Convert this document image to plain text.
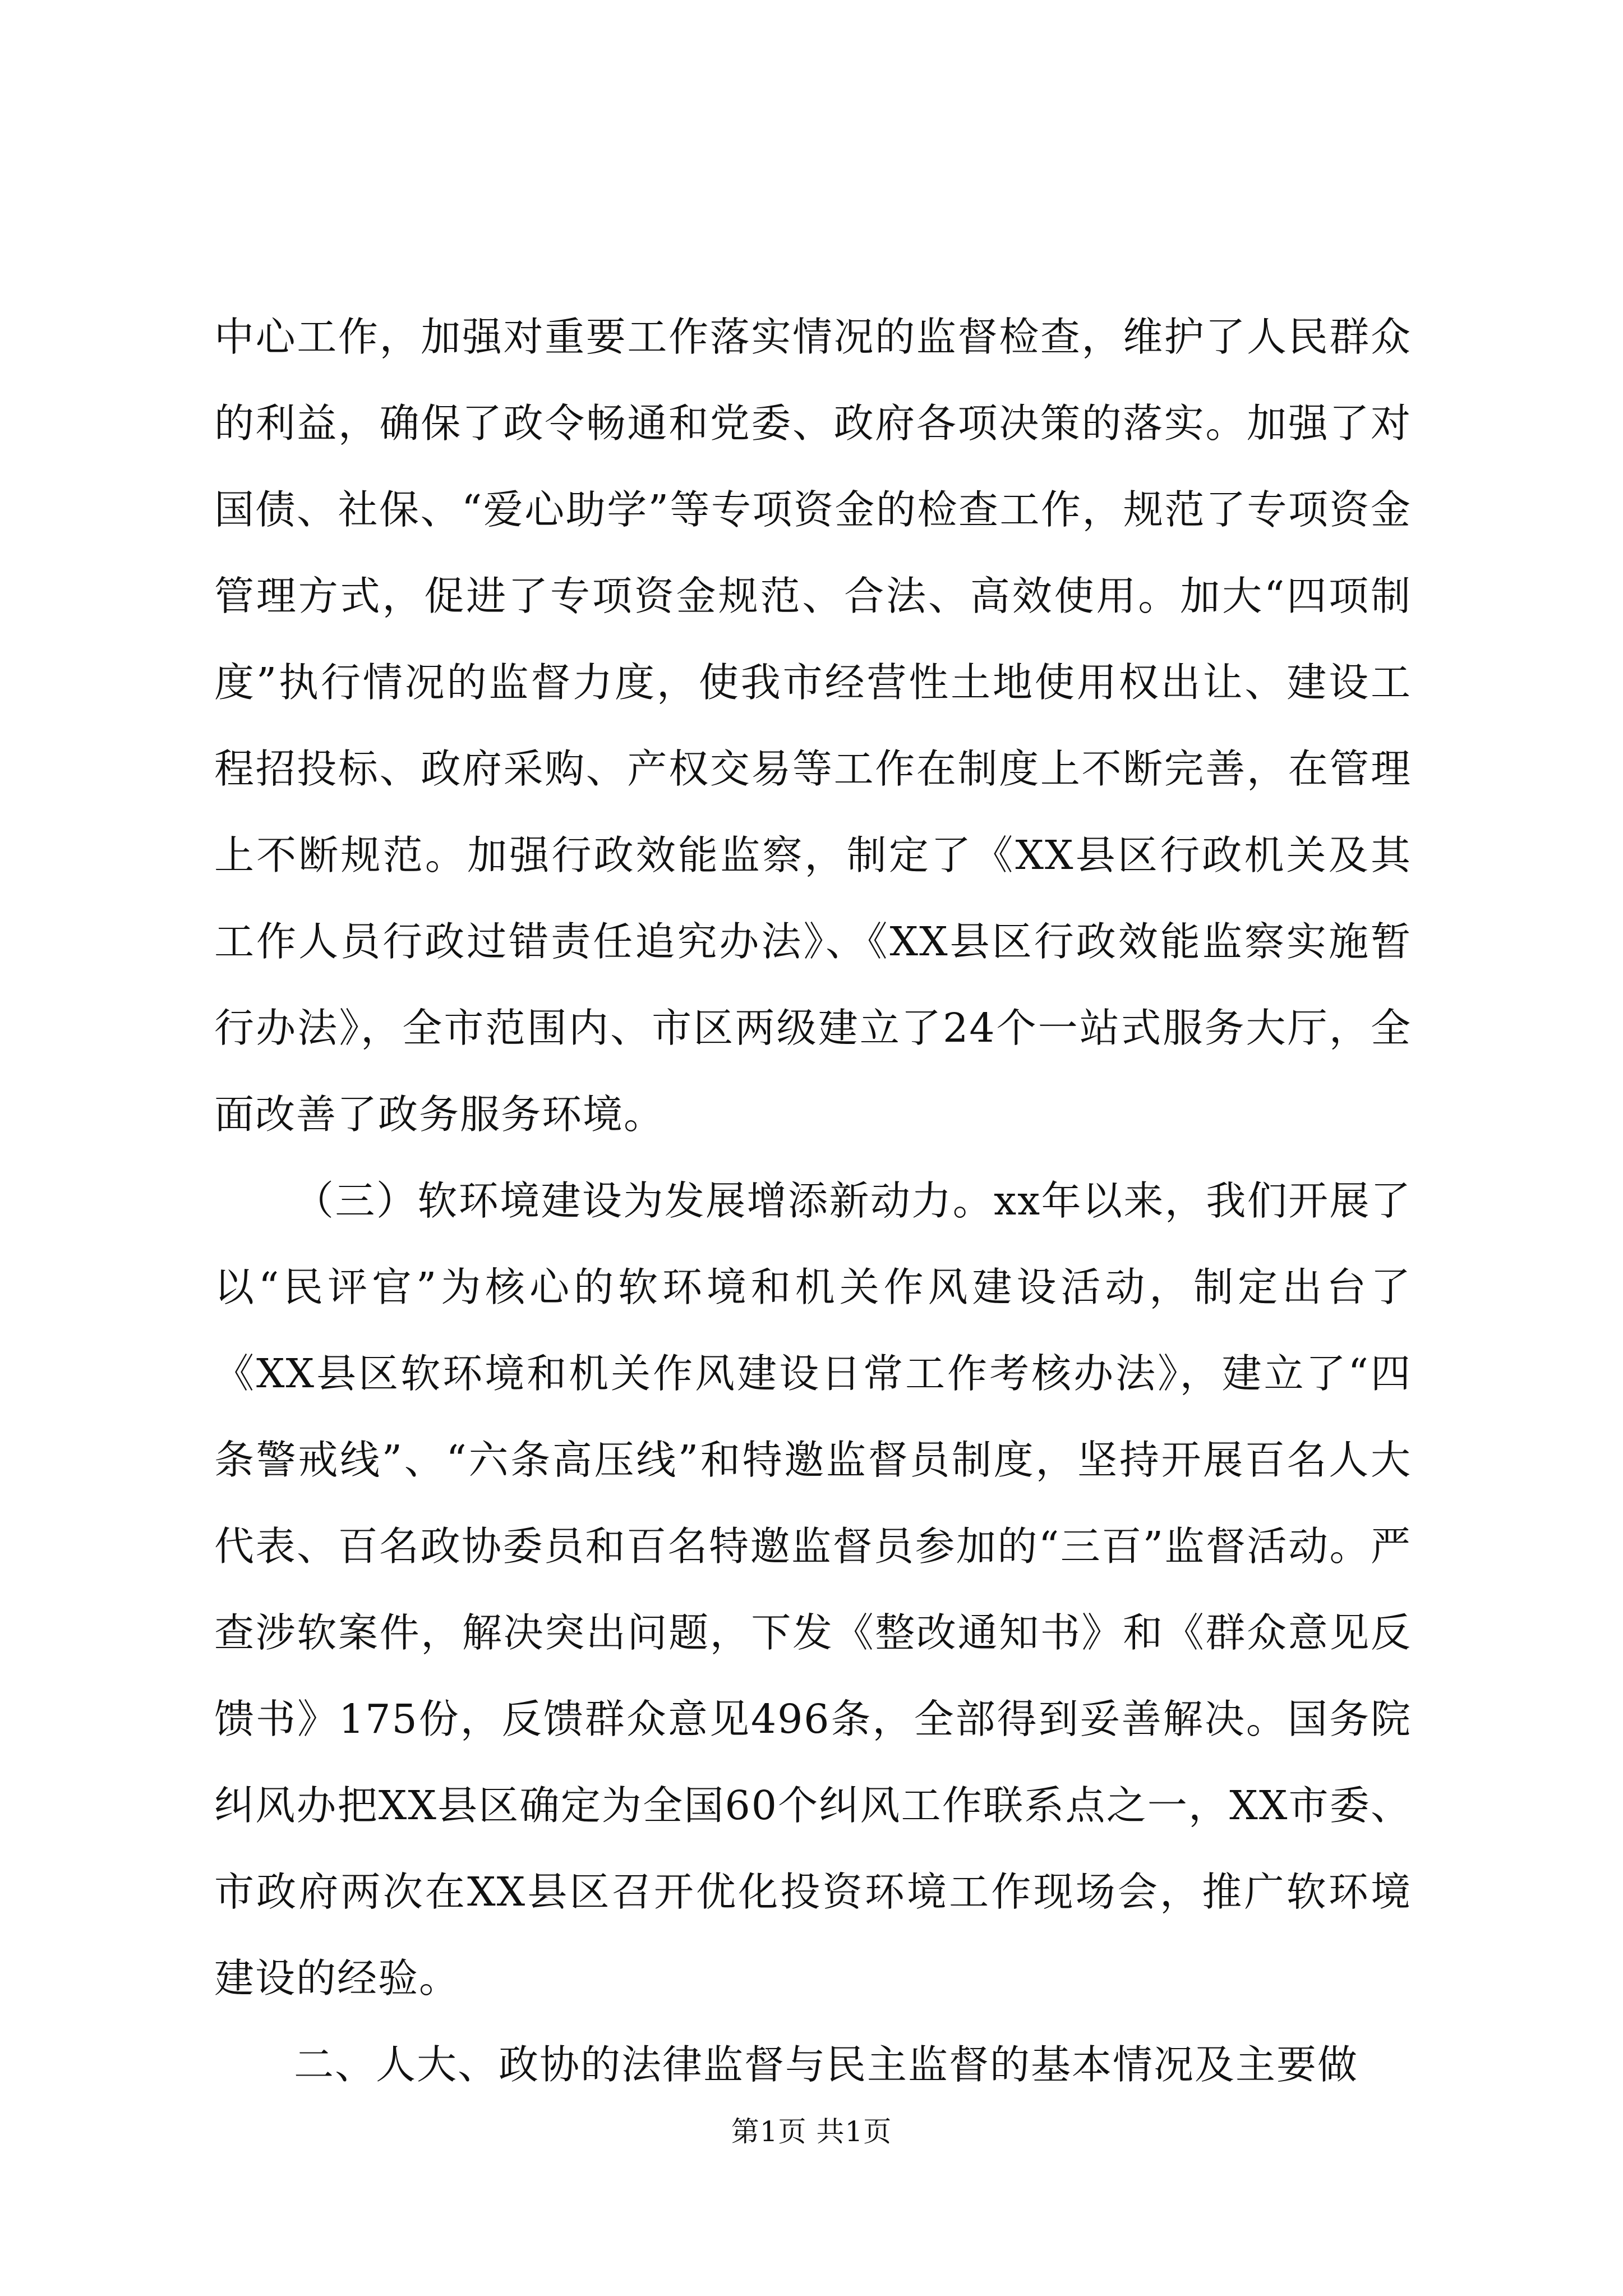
中心工作，加强对重要工作落实情况的监督检查，维护了人民群众的利益，确保了政令畅通和党委、政府各项决策的落实。加强了对国债、社保、“爱心助学”等专项资金的检查工作，规范了专项资金管理方式，促进了专项资金规范、合法、高效使用。加大“四项制度”执行情况的监督力度，使我市经营性土地使用权出让、建设工程招投标、政府采购、产权交易等工作在制度上不断完善，在管理上不断规范。加强行政效能监察，制定了《XX县区行政机关及其工作人员行政过错责任追究办法》、《XX县区行政效能监察实施暂行办法》，全市范围内、市区两级建立了24个一站式服务大厅，全面改善了政务服务环境。

（三）软环境建设为发展增添新动力。xx年以来，我们开展了以“民评官”为核心的软环境和机关作风建设活动，制定出台了《XX县区软环境和机关作风建设日常工作考核办法》，建立了“四条警戒线”、“六条高压线”和特邀监督员制度，坚持开展百名人大代表、百名政协委员和百名特邀监督员参加的“三百”监督活动。严查涉软案件，解决突出问题，下发《整改通知书》和《群众意见反馈书》175份，反馈群众意见496条，全部得到妥善解决。国务院纠风办把XX县区确定为全国60个纠风工作联系点之一，XX市委、市政府两次在XX县区召开优化投资环境工作现场会，推广软环境建设的经验。

二、人大、政协的法律监督与民主监督的基本情况及主要做

第1页 共1页
